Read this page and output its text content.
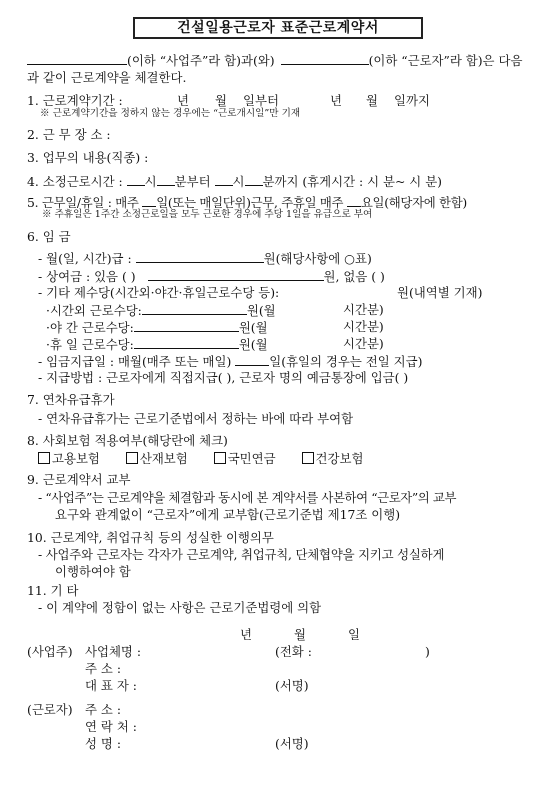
건설일용근로자 표준근로계약서
(이하 “사업주”라 함)과(와)	(이하 “근로자”라 함)은 다음
과 같이 근로계약을 체결한다.
1. 근로계약기간 :	년 월 일부터	년 월 일까지
※ 근로계약기간을 정하지 않는 경우에는 “근로개시일”만 기재
2. 근 무 장 소 :
3. 업무의 내용(직종) :
4. 소정근로시간 : 시 분부터 시 분까지 (휴게시간 : 시 분~ 시 분)
5. 근무일/휴일 : 매주 일(또는 매일단위)근무, 주휴일 매주 요일(해당자에 한함)
※ 주휴일은 1주간 소정근로일을 모두 근로한 경우에 주당 1일을 유급으로 부여
6. 임 금
- 월(일, 시간)급 :	원(해당사항에 ○표)
- 상여금 : 있음 ( )	원, 없음 ( )
- 기타 제수당(시간외·야간·휴일근로수당 등):	원(내역별 기재)
·시간외 근로수당:	원(월	시간분)
·야 간 근로수당:	원(월	시간분)
·휴 일 근로수당:	원(월	시간분)
- 임금지급일 : 매월(매주 또는 매일)	일(휴일의 경우는 전일 지급)
- 지급방법 : 근로자에게 직접지급( ), 근로자 명의 예금통장에 입금( )
7. 연차유급휴가
- 연차유급휴가는 근로기준법에서 정하는 바에 따라 부여함
8. 사회보험 적용여부(해당란에 체크)
고용보험	산재보험	국민연금	건강보험
9. 근로계약서 교부
- “사업주”는 근로계약을 체결함과 동시에 본 계약서를 사본하여 “근로자”의 교부
요구와 관계없이 “근로자”에게 교부함(근로기준법 제17조 이행)
10. 근로계약, 취업규칙 등의 성실한 이행의무
- 사업주와 근로자는 각자가 근로계약, 취업규칙, 단체협약을 지키고 성실하게
이행하여야 함
11. 기 타
- 이 계약에 정함이 없는 사항은 근로기준법령에 의함
년	월	일
(사업주) 사업체명 :	(전화 :	)
주 소 :
대 표 자 :	(서명)
(근로자) 주 소 :
연 락 처 :
성 명 :	(서명)
